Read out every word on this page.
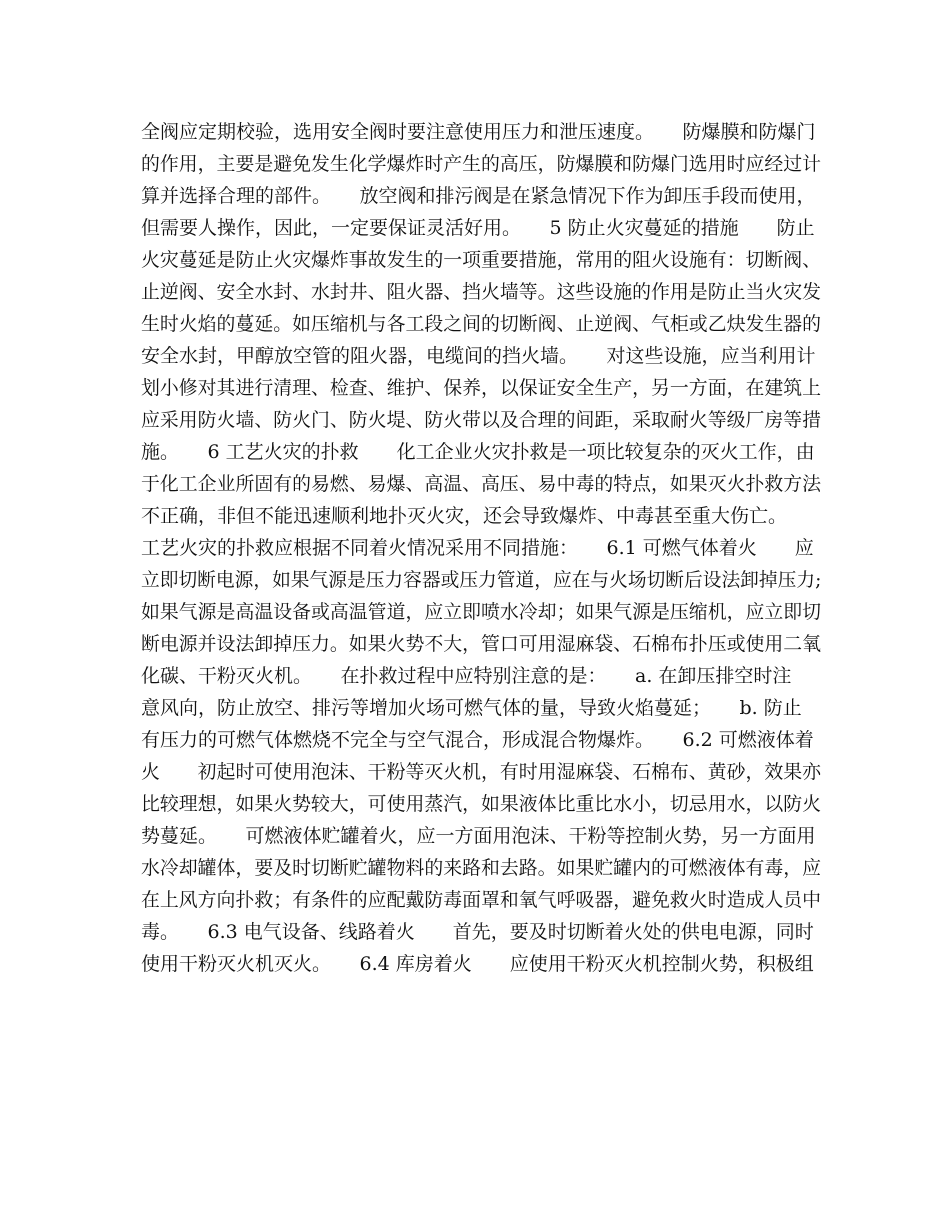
全阀应定期校验，选用安全阀时要注意使用压力和泄压速度。　　防爆膜和防爆门
的作用，主要是避免发生化学爆炸时产生的高压，防爆膜和防爆门选用时应经过计
算并选择合理的部件。　　放空阀和排污阀是在紧急情况下作为卸压手段而使用，
但需要人操作，因此，一定要保证灵活好用。　　5 防止火灾蔓延的措施　　防止
火灾蔓延是防止火灾爆炸事故发生的一项重要措施，常用的阻火设施有：切断阀、
止逆阀、安全水封、水封井、阻火器、挡火墙等。这些设施的作用是防止当火灾发
生时火焰的蔓延。如压缩机与各工段之间的切断阀、止逆阀、气柜或乙炔发生器的
安全水封，甲醇放空管的阻火器，电缆间的挡火墙。　　对这些设施，应当利用计
划小修对其进行清理、检查、维护、保养，以保证安全生产，另一方面，在建筑上
应采用防火墙、防火门、防火堤、防火带以及合理的间距，采取耐火等级厂房等措
施。　　6 工艺火灾的扑救　　化工企业火灾扑救是一项比较复杂的灭火工作，由
于化工企业所固有的易燃、易爆、高温、高压、易中毒的特点，如果灭火扑救方法
不正确，非但不能迅速顺利地扑灭火灾，还会导致爆炸、中毒甚至重大伤亡。　　
工艺火灾的扑救应根据不同着火情况采用不同措施：　　6.1 可燃气体着火　　应
立即切断电源，如果气源是压力容器或压力管道，应在与火场切断后设法卸掉压力;
如果气源是高温设备或高温管道，应立即喷水冷却；如果气源是压缩机，应立即切
断电源并设法卸掉压力。如果火势不大，管口可用湿麻袋、石棉布扑压或使用二氧
化碳、干粉灭火机。　　在扑救过程中应特别注意的是：　　a. 在卸压排空时注
意风向，防止放空、排污等增加火场可燃气体的量，导致火焰蔓延；　　b. 防止
有压力的可燃气体燃烧不完全与空气混合，形成混合物爆炸。　　6.2 可燃液体着
火　　初起时可使用泡沫、干粉等灭火机，有时用湿麻袋、石棉布、黄砂，效果亦
比较理想，如果火势较大，可使用蒸汽，如果液体比重比水小，切忌用水，以防火
势蔓延。　　可燃液体贮罐着火，应一方面用泡沫、干粉等控制火势，另一方面用
水冷却罐体，要及时切断贮罐物料的来路和去路。如果贮罐内的可燃液体有毒，应
在上风方向扑救；有条件的应配戴防毒面罩和氧气呼吸器，避免救火时造成人员中
毒。　　6.3 电气设备、线路着火　　首先，要及时切断着火处的供电电源，同时
使用干粉灭火机灭火。　　6.4 库房着火　　应使用干粉灭火机控制火势，积极组
